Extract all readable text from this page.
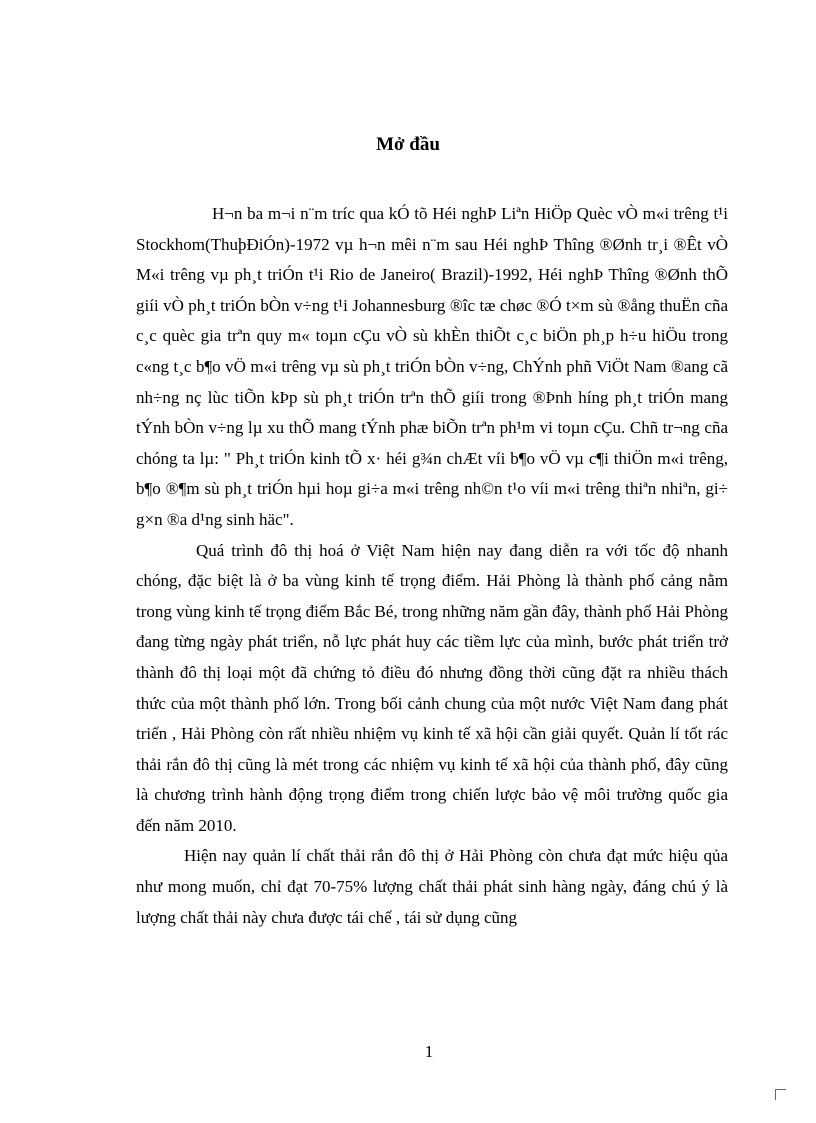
Mở đầu

H¬n ba m¬i n¨m tríc qua kÓ tõ Héi nghÞ Liªn HiÖp Quèc vÒ m«i trêng t¹i Stockhom(ThuþĐiÓn)-1972 vµ h¬n mêi n¨m sau Héi nghÞ Thîng ®Ønh tr¸i ®Êt vÒ M«i trêng vµ ph¸t triÓn t¹i Rio de Janeiro( Brazil)-1992, Héi nghÞ Thîng ®Ønh thÕ giíi vÒ ph¸t triÓn bÒn v÷ng t¹i Johannesburg ®îc tæ chøc ®Ó t×m sù ®ång thuËn cña c¸c quèc gia trªn quy m« toµn cÇu vÒ sù khÈn thiÕt c¸c biÖn ph¸p h÷u hiÖu trong c«ng t¸c b¶o vÖ m«i trêng vµ sù ph¸t triÓn bÒn v÷ng, ChÝnh phñ ViÖt Nam ®ang cã nh÷ng nç lùc tiÕn kÞp sù ph¸t triÓn trªn thÕ giíi trong ®Þnh híng ph¸t triÓn mang tÝnh bÒn v÷ng lµ xu thÕ mang tÝnh phæ biÕn trªn ph¹m vi toµn cÇu. Chñ tr¬ng cña chóng ta lµ: " Ph¸t triÓn kinh tÕ x· héi g¾n chÆt víi b¶o vÖ vµ c¶i thiÖn m«i trêng, b¶o ®¶m sù ph¸t triÓn hµi hoµ gi÷a m«i trêng nh©n t¹o víi m«i trêng thiªn nhiªn, gi÷ g×n ®a d¹ng sinh häc".

Quá trình đô thị hoá ở Việt Nam hiện nay đang diễn ra với tốc độ nhanh chóng, đặc biệt là ở ba vùng kinh tế trọng điểm. Hải Phòng là thành phố cảng nằm trong vùng kinh tế trọng điểm Bắc Bé, trong những năm gần đây, thành phố Hải Phòng đang từng ngày phát triển, nỗ lực phát huy các tiềm lực của mình, bước phát triển trở thành đô thị loại một đã chứng tỏ điều đó nhưng đồng thời cũng đặt ra nhiều thách thức của một thành phố lớn. Trong bối cảnh chung của một nước Việt Nam đang phát triển , Hải Phòng còn rất nhiều nhiệm vụ kinh tế xã hội cần giải quyết. Quản lí tốt rác thải rắn đô thị cũng là mét trong các nhiệm vụ kinh tế xã hội của thành phố, đây cũng là chương trình hành động trọng điểm trong chiến lược bảo vệ môi trường quốc gia đến năm 2010.

Hiện nay quản lí chất thải rắn đô thị ở Hải Phòng còn chưa đạt mức hiệu qủa như mong muốn, chỉ đạt 70-75% lượng chất thải phát sinh hàng ngày, đáng chú ý là lượng chất thải này chưa được tái chế , tái sử dụng cũng

1
